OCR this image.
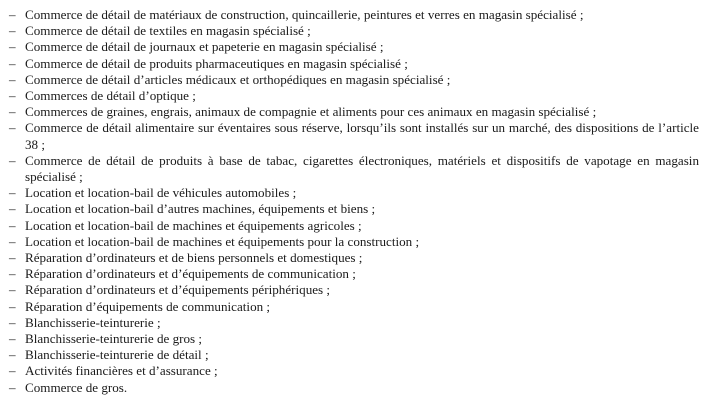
– Commerce de détail de matériaux de construction, quincaillerie, peintures et verres en magasin spécialisé ;
– Commerce de détail de textiles en magasin spécialisé ;
– Commerce de détail de journaux et papeterie en magasin spécialisé ;
– Commerce de détail de produits pharmaceutiques en magasin spécialisé ;
– Commerce de détail d’articles médicaux et orthopédiques en magasin spécialisé ;
– Commerces de détail d’optique ;
– Commerces de graines, engrais, animaux de compagnie et aliments pour ces animaux en magasin spécialisé ;
– Commerce de détail alimentaire sur éventaires sous réserve, lorsqu’ils sont installés sur un marché, des dispositions de l’article 38 ;
– Commerce de détail de produits à base de tabac, cigarettes électroniques, matériels et dispositifs de vapotage en magasin spécialisé ;
– Location et location-bail de véhicules automobiles ;
– Location et location-bail d’autres machines, équipements et biens ;
– Location et location-bail de machines et équipements agricoles ;
– Location et location-bail de machines et équipements pour la construction ;
– Réparation d’ordinateurs et de biens personnels et domestiques ;
– Réparation d’ordinateurs et d’équipements de communication ;
– Réparation d’ordinateurs et d’équipements périphériques ;
– Réparation d’équipements de communication ;
– Blanchisserie-teinturerie ;
– Blanchisserie-teinturerie de gros ;
– Blanchisserie-teinturerie de détail ;
– Activités financières et d’assurance ;
– Commerce de gros.
